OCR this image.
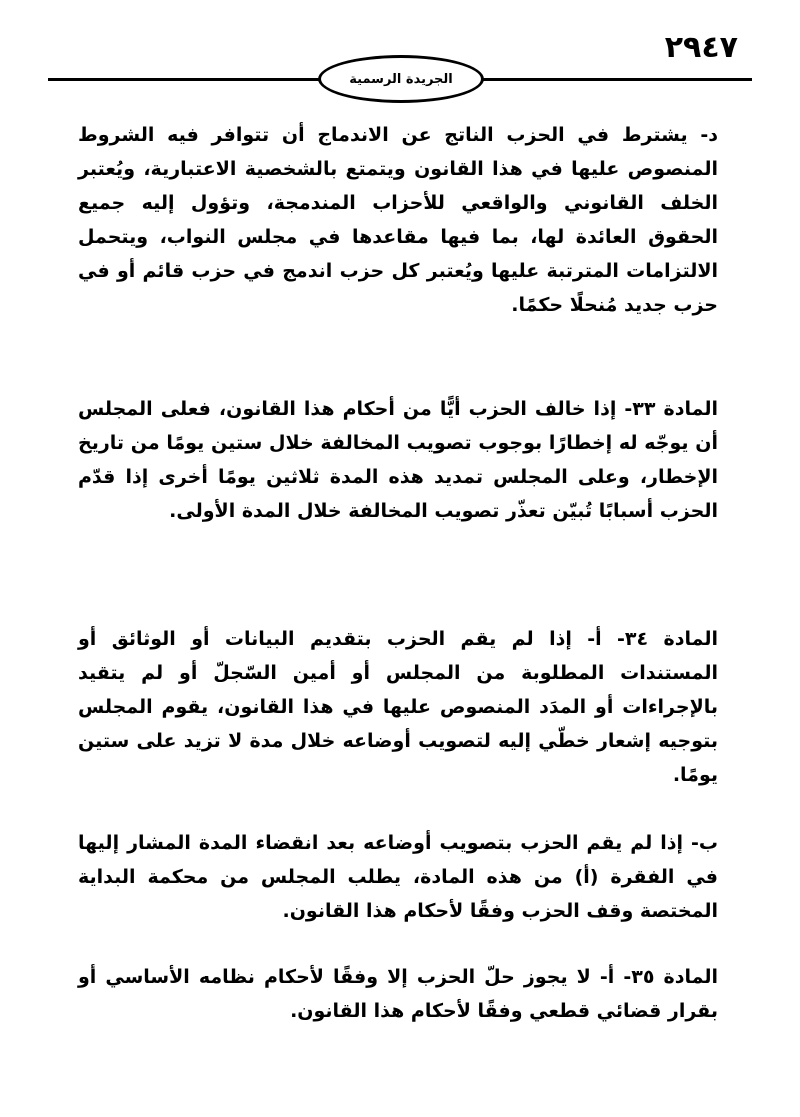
٢٩٤٧
الجريدة الرسمية
د- يشترط في الحزب الناتج عن الاندماج أن تتوافر فيه الشروط المنصوص عليها في هذا القانون ويتمتع بالشخصية الاعتبارية، ويُعتبر الخلف القانوني والواقعي للأحزاب المندمجة، وتؤول إليه جميع الحقوق العائدة لها، بما فيها مقاعدها في مجلس النواب، ويتحمل الالتزامات المترتبة عليها ويُعتبر كل حزب اندمج في حزب قائم أو في حزب جديد مُنحلًا حكمًا.
المادة ٣٣- إذا خالف الحزب أيًّا من أحكام هذا القانون، فعلى المجلس أن يوجّه له إخطارًا بوجوب تصويب المخالفة خلال ستين يومًا من تاريخ الإخطار، وعلى المجلس تمديد هذه المدة ثلاثين يومًا أخرى إذا قدّم الحزب أسبابًا تُبيّن تعذّر تصويب المخالفة خلال المدة الأولى.
المادة ٣٤- أ- إذا لم يقم الحزب بتقديم البيانات أو الوثائق أو المستندات المطلوبة من المجلس أو أمين السّجلّ أو لم يتقيد بالإجراءات أو المدَد المنصوص عليها في هذا القانون، يقوم المجلس بتوجيه إشعار خطّي إليه لتصويب أوضاعه خلال مدة لا تزيد على ستين يومًا.
ب- إذا لم يقم الحزب بتصويب أوضاعه بعد انقضاء المدة المشار إليها في الفقرة (أ) من هذه المادة، يطلب المجلس من محكمة البداية المختصة وقف الحزب وفقًا لأحكام هذا القانون.
المادة ٣٥- أ- لا يجوز حلّ الحزب إلا وفقًا لأحكام نظامه الأساسي أو بقرار قضائي قطعي وفقًا لأحكام هذا القانون.
